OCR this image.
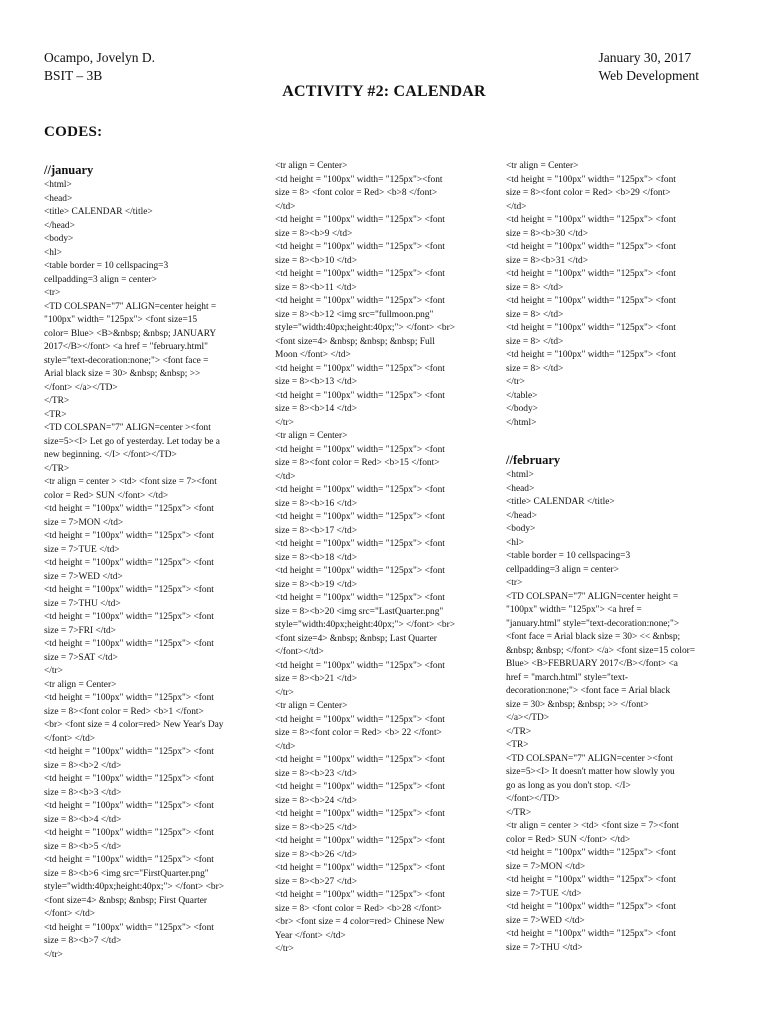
Ocampo, Jovelyn D.
BSIT – 3B
January 30, 2017
Web Development
ACTIVITY #2: CALENDAR
CODES:
//january
<html>
<head>
<title> CALENDAR </title>
</head>
<body>
<hl>
<table border = 10 cellspacing=3
cellpadding=3 align = center>
<tr>
<TD COLSPAN="7" ALIGN=center height =
"100px" width= "125px"> <font size=15
color= Blue> <B>&nbsp; &nbsp; JANUARY
2017</B></font> <a href = "february.html"
style="text-decoration:none;"> <font face =
Arial black size = 30> &nbsp; &nbsp; >>
</font> </a></TD>
</TR>
<TR>
<TD COLSPAN="7" ALIGN=center ><font
size=5><I> Let go of yesterday. Let today be a
new beginning. </I> </font></TD>
</TR>
<tr align = center > <td> <font size = 7><font
color = Red> SUN </font> </td>
<td height = "100px" width= "125px"> <font
size = 7>MON </td>
<td height = "100px" width= "125px"> <font
size = 7>TUE </td>
<td height = "100px" width= "125px"> <font
size = 7>WED </td>
<td height = "100px" width= "125px"> <font
size = 7>THU </td>
<td height = "100px" width= "125px"> <font
size = 7>FRI </td>
<td height = "100px" width= "125px"> <font
size = 7>SAT </td>
</tr>
<tr align = Center>
<td height = "100px" width= "125px"> <font
size = 8><font color = Red> <b>1 </font>
<br> <font size = 4 color=red> New Year's Day
</font> </td>
<td height = "100px" width= "125px"> <font
size = 8><b>2 </td>
<td height = "100px" width= "125px"> <font
size = 8><b>3 </td>
<td height = "100px" width= "125px"> <font
size = 8><b>4 </td>
<td height = "100px" width= "125px"> <font
size = 8><b>5 </td>
<td height = "100px" width= "125px"> <font
size = 8><b>6 <img src="FirstQuarter.png"
style="width:40px;height:40px;"> </font> <br>
<font size=4> &nbsp; &nbsp; First Quarter
</font> </td>
<td height = "100px" width= "125px"> <font
size = 8><b>7 </td>
</tr>
<tr align = Center>
<td height = "100px" width= "125px"><font
size = 8> <font color = Red> <b>8 </font>
</td>
<td height = "100px" width= "125px"> <font
size = 8><b>9 </td>
<td height = "100px" width= "125px"> <font
size = 8><b>10 </td>
<td height = "100px" width= "125px"> <font
size = 8><b>11 </td>
<td height = "100px" width= "125px"> <font
size = 8><b>12 <img src="fullmoon.png"
style="width:40px;height:40px;"> </font> <br>
<font size=4> &nbsp; &nbsp; &nbsp; Full
Moon </font> </td>
<td height = "100px" width= "125px"> <font
size = 8><b>13 </td>
<td height = "100px" width= "125px"> <font
size = 8><b>14 </td>
</tr>
<tr align = Center>
<td height = "100px" width= "125px"> <font
size = 8><font color = Red> <b>15 </font>
</td>
<td height = "100px" width= "125px"> <font
size = 8><b>16 </td>
<td height = "100px" width= "125px"> <font
size = 8><b>17 </td>
<td height = "100px" width= "125px"> <font
size = 8><b>18 </td>
<td height = "100px" width= "125px"> <font
size = 8><b>19 </td>
<td height = "100px" width= "125px"> <font
size = 8><b>20 <img src="LastQuarter.png"
style="width:40px;height:40px;"> </font> <br>
<font size=4> &nbsp; &nbsp; Last Quarter
</font></td>
<td height = "100px" width= "125px"> <font
size = 8><b>21 </td>
</tr>
<tr align = Center>
<td height = "100px" width= "125px"> <font
size = 8><font color = Red> <b> 22 </font>
</td>
<td height = "100px" width= "125px"> <font
size = 8><b>23 </td>
<td height = "100px" width= "125px"> <font
size = 8><b>24 </td>
<td height = "100px" width= "125px"> <font
size = 8><b>25 </td>
<td height = "100px" width= "125px"> <font
size = 8><b>26 </td>
<td height = "100px" width= "125px"> <font
size = 8><b>27 </td>
<td height = "100px" width= "125px"> <font
size = 8> <font color = Red> <b>28 </font>
<br> <font size = 4 color=red> Chinese New
Year </font> </td>
</tr>
<tr align = Center>
<td height = "100px" width= "125px"> <font
size = 8><font color = Red> <b>29 </font>
</td>
<td height = "100px" width= "125px"> <font
size = 8><b>30 </td>
<td height = "100px" width= "125px"> <font
size = 8><b>31 </td>
<td height = "100px" width= "125px"> <font
size = 8> </td>
<td height = "100px" width= "125px"> <font
size = 8> </td>
<td height = "100px" width= "125px"> <font
size = 8> </td>
<td height = "100px" width= "125px"> <font
size = 8> </td>
</tr>
</table>
</body>
</html>
//february
<html>
<head>
<title> CALENDAR </title>
</head>
<body>
<hl>
<table border = 10 cellspacing=3
cellpadding=3 align = center>
<tr>
<TD COLSPAN="7" ALIGN=center height =
"100px" width= "125px"> <a href =
"january.html" style="text-decoration:none;">
<font face = Arial black size = 30> << &nbsp;
&nbsp; &nbsp; </font> </a> <font size=15 color=
Blue> <B>FEBRUARY 2017</B></font> <a
href = "march.html" style="text-
decoration:none;"> <font face = Arial black
size = 30> &nbsp; &nbsp; >> </font>
</a></TD>
</TR>
<TR>
<TD COLSPAN="7" ALIGN=center ><font
size=5><I> It doesn't matter how slowly you
go as long as you don't stop. </I>
</font></TD>
</TR>
<tr align = center > <td> <font size = 7><font
color = Red> SUN </font> </td>
<td height = "100px" width= "125px"> <font
size = 7>MON </td>
<td height = "100px" width= "125px"> <font
size = 7>TUE </td>
<td height = "100px" width= "125px"> <font
size = 7>WED </td>
<td height = "100px" width= "125px"> <font
size = 7>THU </td>
